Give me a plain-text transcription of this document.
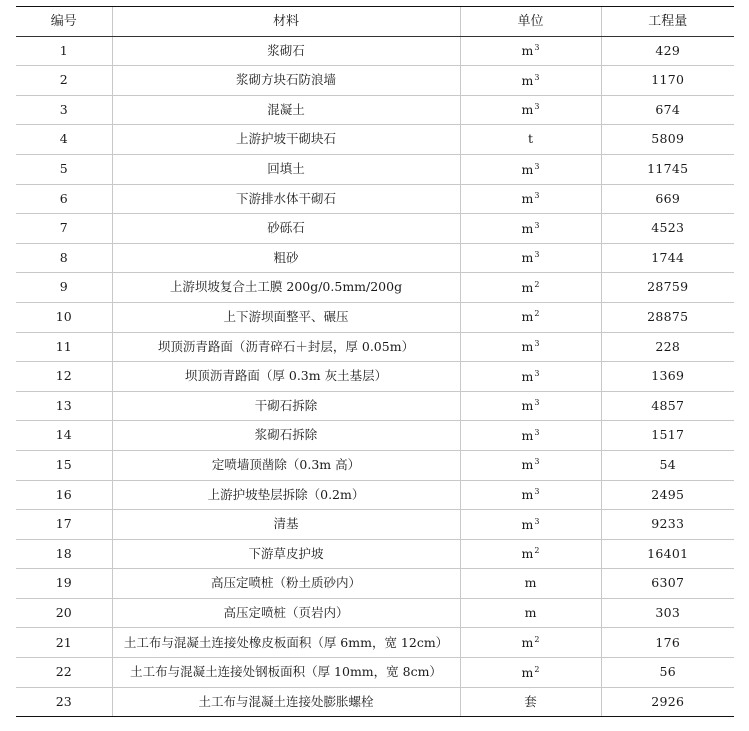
编号	材料	单位	工程量
1	浆砌石	$m^3$	429
2	浆砌方块石防浪墙	$m^3$	1170
3	混凝土	$m^3$	674
4	上游护坡干砌块石	t	5809
5	回填土	$m^3$	11745
6	下游排水体干砌石	$m^3$	669
7	砂砾石	$m^3$	4523
8	粗砂	$m^3$	1744
9	上游坝坡复合土工膜 200g/0.5mm/200g	$m^2$	28759
10	上下游坝面整平、碾压	$m^2$	28875
11	坝顶沥青路面（沥青碎石＋封层，厚 0.05m）	$m^3$	228
12	坝顶沥青路面（厚 0.3m 灰土基层）	$m^3$	1369
13	干砌石拆除	$m^3$	4857
14	浆砌石拆除	$m^3$	1517
15	定喷墙顶凿除（0.3m 高）	$m^3$	54
16	上游护坡垫层拆除（0.2m）	$m^3$	2495
17	清基	$m^3$	9233
18	下游草皮护坡	$m^2$	16401
19	高压定喷桩（粉土质砂内）	m	6307
20	高压定喷桩（页岩内）	m	303
21	土工布与混凝土连接处橡皮板面积（厚 6mm，宽 12cm）	$m^2$	176
22	土工布与混凝土连接处钢板面积（厚 10mm，宽 8cm）	$m^2$	56
23	土工布与混凝土连接处膨胀螺栓	套	2926
